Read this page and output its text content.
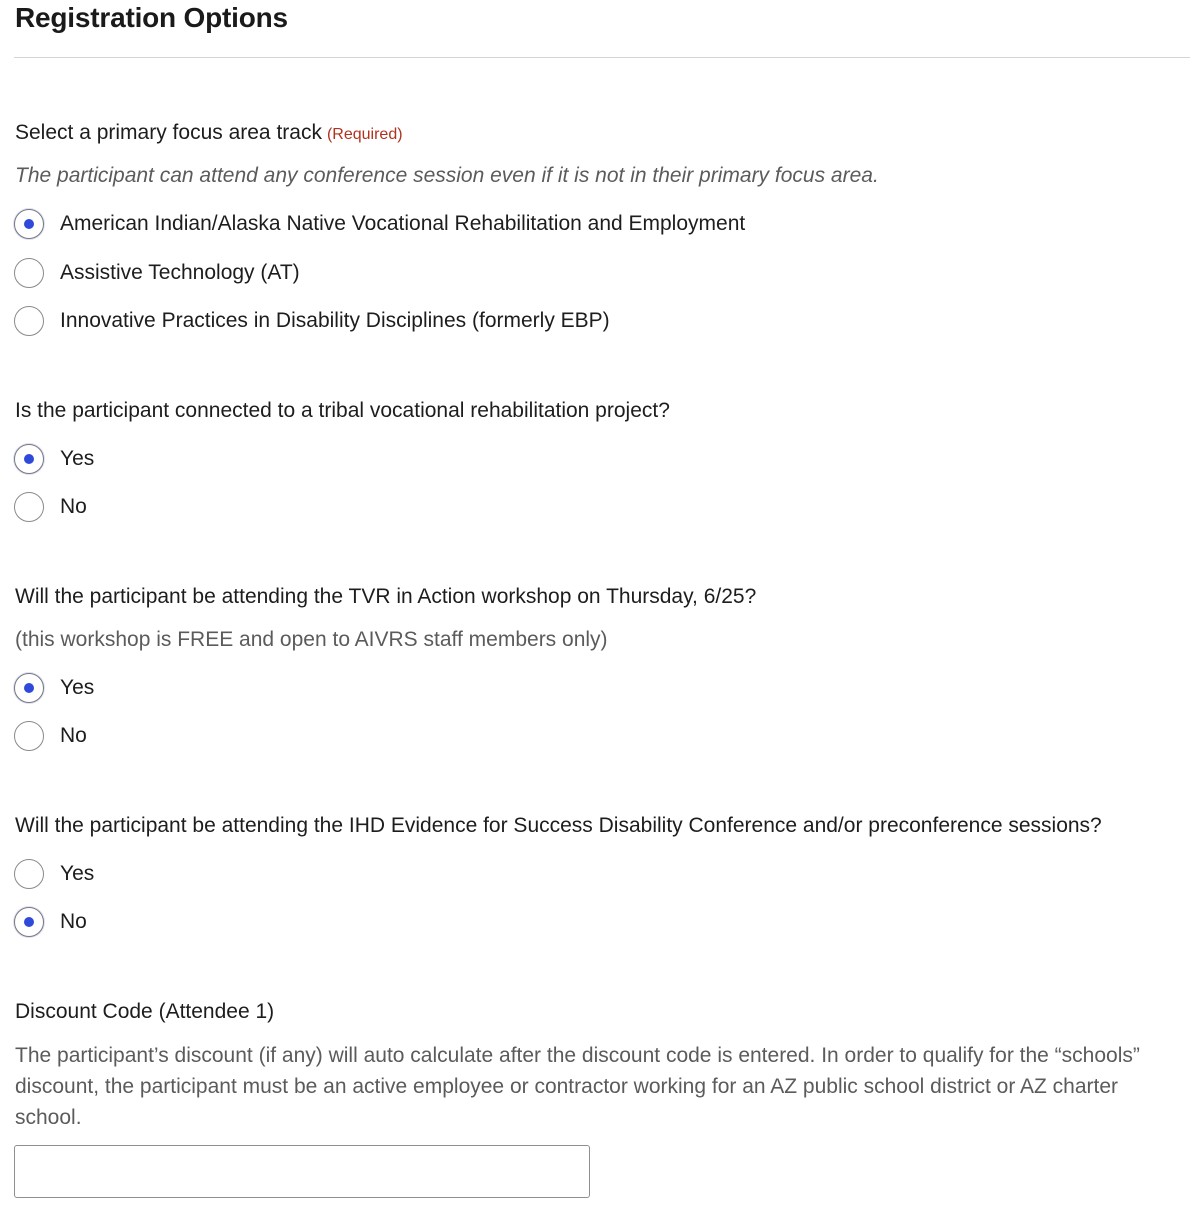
Registration Options
Select a primary focus area track (Required)
The participant can attend any conference session even if it is not in their primary focus area.
American Indian/Alaska Native Vocational Rehabilitation and Employment
Assistive Technology (AT)
Innovative Practices in Disability Disciplines (formerly EBP)
Is the participant connected to a tribal vocational rehabilitation project?
Yes
No
Will the participant be attending the TVR in Action workshop on Thursday, 6/25?
(this workshop is FREE and open to AIVRS staff members only)
Yes
No
Will the participant be attending the IHD Evidence for Success Disability Conference and/or preconference sessions?
Yes
No
Discount Code (Attendee 1)
The participant’s discount (if any) will auto calculate after the discount code is entered. In order to qualify for the “schools” discount, the participant must be an active employee or contractor working for an AZ public school district or AZ charter school.
